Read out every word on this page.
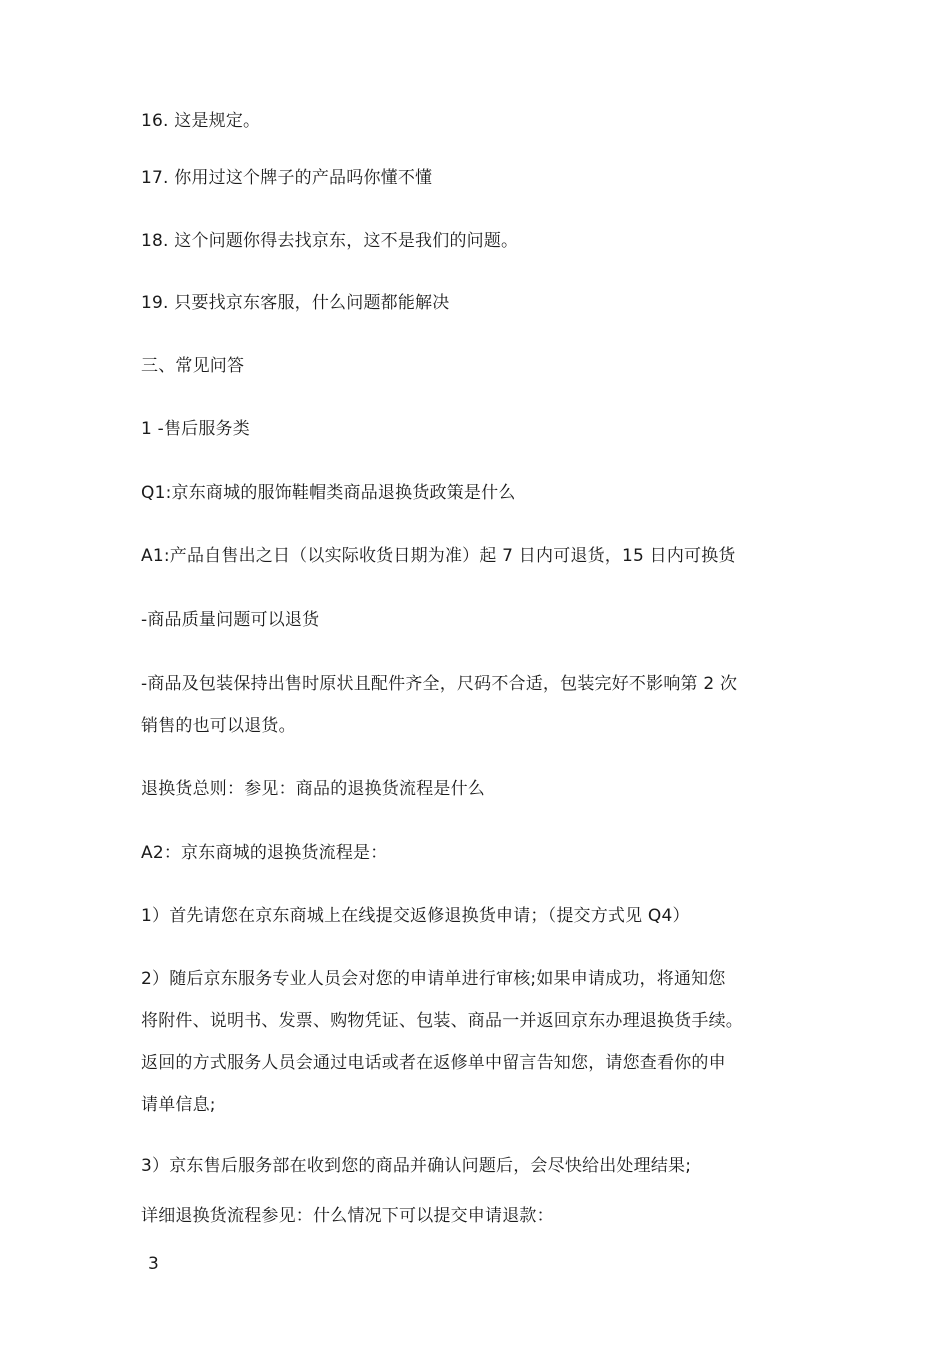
16. 这是规定。
17. 你用过这个牌子的产品吗你懂不懂
18. 这个问题你得去找京东，这不是我们的问题。
19. 只要找京东客服，什么问题都能解决
三、常见问答
1 -售后服务类
Q1:京东商城的服饰鞋帽类商品退换货政策是什么
A1:产品自售出之日（以实际收货日期为准）起 7 日内可退货，15 日内可换货
-商品质量问题可以退货
-商品及包装保持出售时原状且配件齐全，尺码不合适，包装完好不影响第 2 次
销售的也可以退货。
退换货总则：参见：商品的退换货流程是什么
A2：京东商城的退换货流程是：
1）首先请您在京东商城上在线提交返修退换货申请；（提交方式见 Q4）
2）随后京东服务专业人员会对您的申请单进行审核;如果申请成功，将通知您
将附件、说明书、发票、购物凭证、包装、商品一并返回京东办理退换货手续。
返回的方式服务人员会通过电话或者在返修单中留言告知您，请您查看你的申
请单信息;
3）京东售后服务部在收到您的商品并确认问题后，会尽快给出处理结果;
详细退换货流程参见：什么情况下可以提交申请退款：
3
